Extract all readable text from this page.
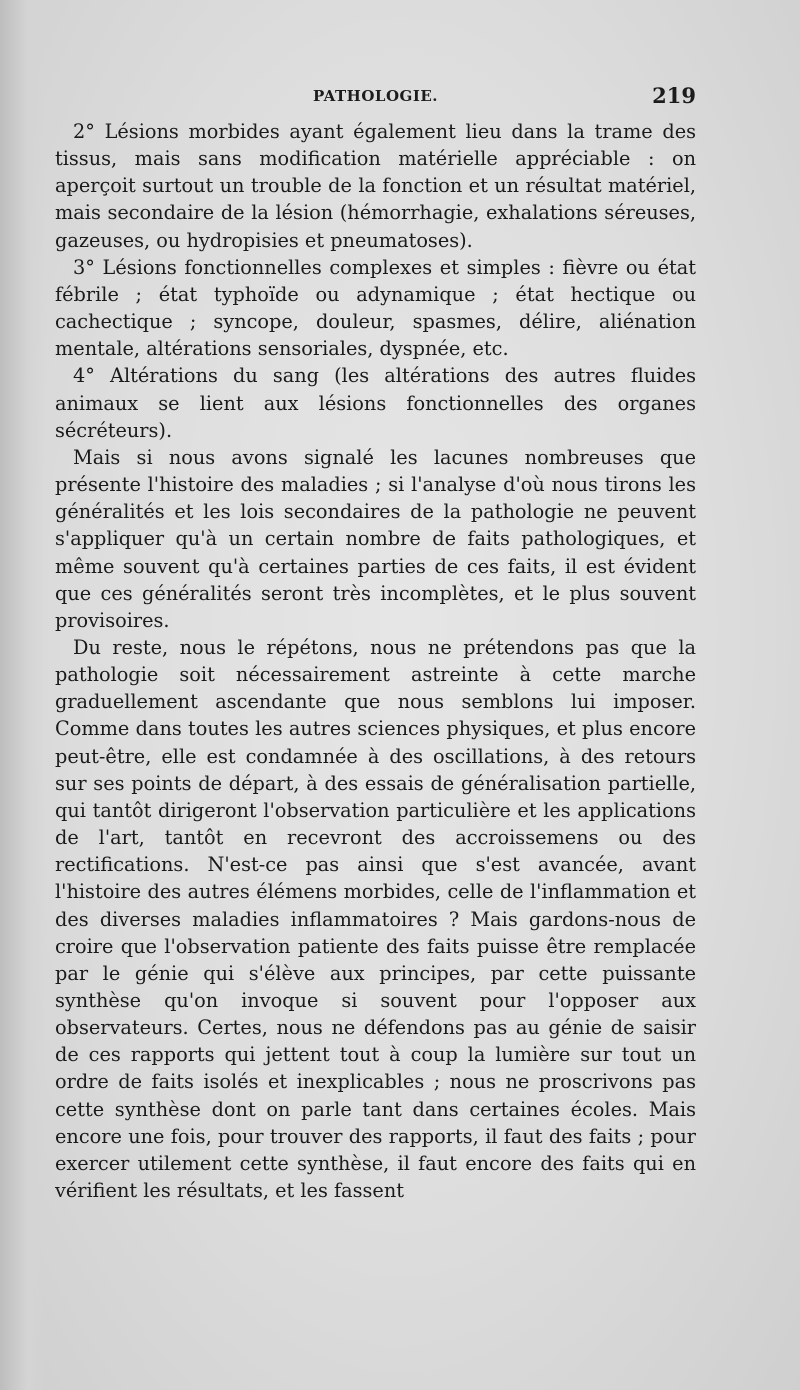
PATHOLOGIE.	219

2° Lésions morbides ayant également lieu dans la trame des tissus, mais sans modification matérielle appréciable : on aperçoit surtout un trouble de la fonction et un résultat matériel, mais secondaire de la lésion (hémorrhagie, exhalations séreuses, gazeuses, ou hydropisies et pneumatoses).

3° Lésions fonctionnelles complexes et simples : fièvre ou état fébrile ; état typhoïde ou adynamique ; état hectique ou cachectique ; syncope, douleur, spasmes, délire, aliénation mentale, altérations sensoriales, dyspnée, etc.

4° Altérations du sang (les altérations des autres fluides animaux se lient aux lésions fonctionnelles des organes sécréteurs).

Mais si nous avons signalé les lacunes nombreuses que présente l'histoire des maladies ; si l'analyse d'où nous tirons les généralités et les lois secondaires de la pathologie ne peuvent s'appliquer qu'à un certain nombre de faits pathologiques, et même souvent qu'à certaines parties de ces faits, il est évident que ces généralités seront très incomplètes, et le plus souvent provisoires.

Du reste, nous le répétons, nous ne prétendons pas que la pathologie soit nécessairement astreinte à cette marche graduellement ascendante que nous semblons lui imposer. Comme dans toutes les autres sciences physiques, et plus encore peut-être, elle est condamnée à des oscillations, à des retours sur ses points de départ, à des essais de généralisation partielle, qui tantôt dirigeront l'observation particulière et les applications de l'art, tantôt en recevront des accroissemens ou des rectifications. N'est-ce pas ainsi que s'est avancée, avant l'histoire des autres élémens morbides, celle de l'inflammation et des diverses maladies inflammatoires ? Mais gardons-nous de croire que l'observation patiente des faits puisse être remplacée par le génie qui s'élève aux principes, par cette puissante synthèse qu'on invoque si souvent pour l'opposer aux observateurs. Certes, nous ne défendons pas au génie de saisir de ces rapports qui jettent tout à coup la lumière sur tout un ordre de faits isolés et inexplicables ; nous ne proscrivons pas cette synthèse dont on parle tant dans certaines écoles. Mais encore une fois, pour trouver des rapports, il faut des faits ; pour exercer utilement cette synthèse, il faut encore des faits qui en vérifient les résultats, et les fassent
